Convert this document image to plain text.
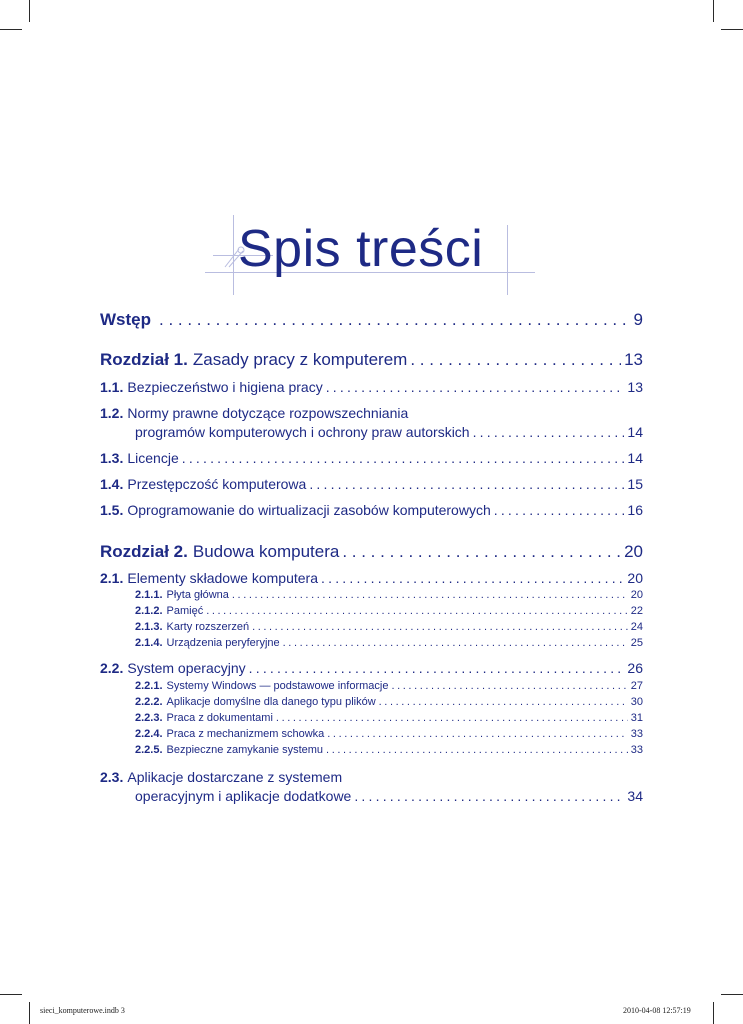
Spis treści
Wstęp . . .	9
Rozdział 1. Zasady pracy z komputerem . . .	13
1.1. Bezpieczeństwo i higiena pracy .....	13
1.2. Normy prawne dotyczące rozpowszechniania
programów komputerowych i ochrony praw autorskich .....	14
1.3. Licencje .....	14
1.4. Przestępczość komputerowa .....	15
1.5. Oprogramowanie do wirtualizacji zasobów komputerowych .....	16
Rozdział 2. Budowa komputera . . .	20
2.1. Elementy składowe komputera .....	20
2.1.1. Płyta główna .....	20
2.1.2. Pamięć .....	22
2.1.3. Karty rozszerzeń .....	24
2.1.4. Urządzenia peryferyjne .....	25
2.2. System operacyjny .....	26
2.2.1. Systemy Windows — podstawowe informacje .....	27
2.2.2. Aplikacje domyślne dla danego typu plików .....	30
2.2.3. Praca z dokumentami .....	31
2.2.4. Praca z mechanizmem schowka .....	33
2.2.5. Bezpieczne zamykanie systemu .....	33
2.3. Aplikacje dostarczane z systemem
operacyjnym i aplikacje dodatkowe .....	34
sieci_komputerowe.indb 3	2010-04-08 12:57:19
